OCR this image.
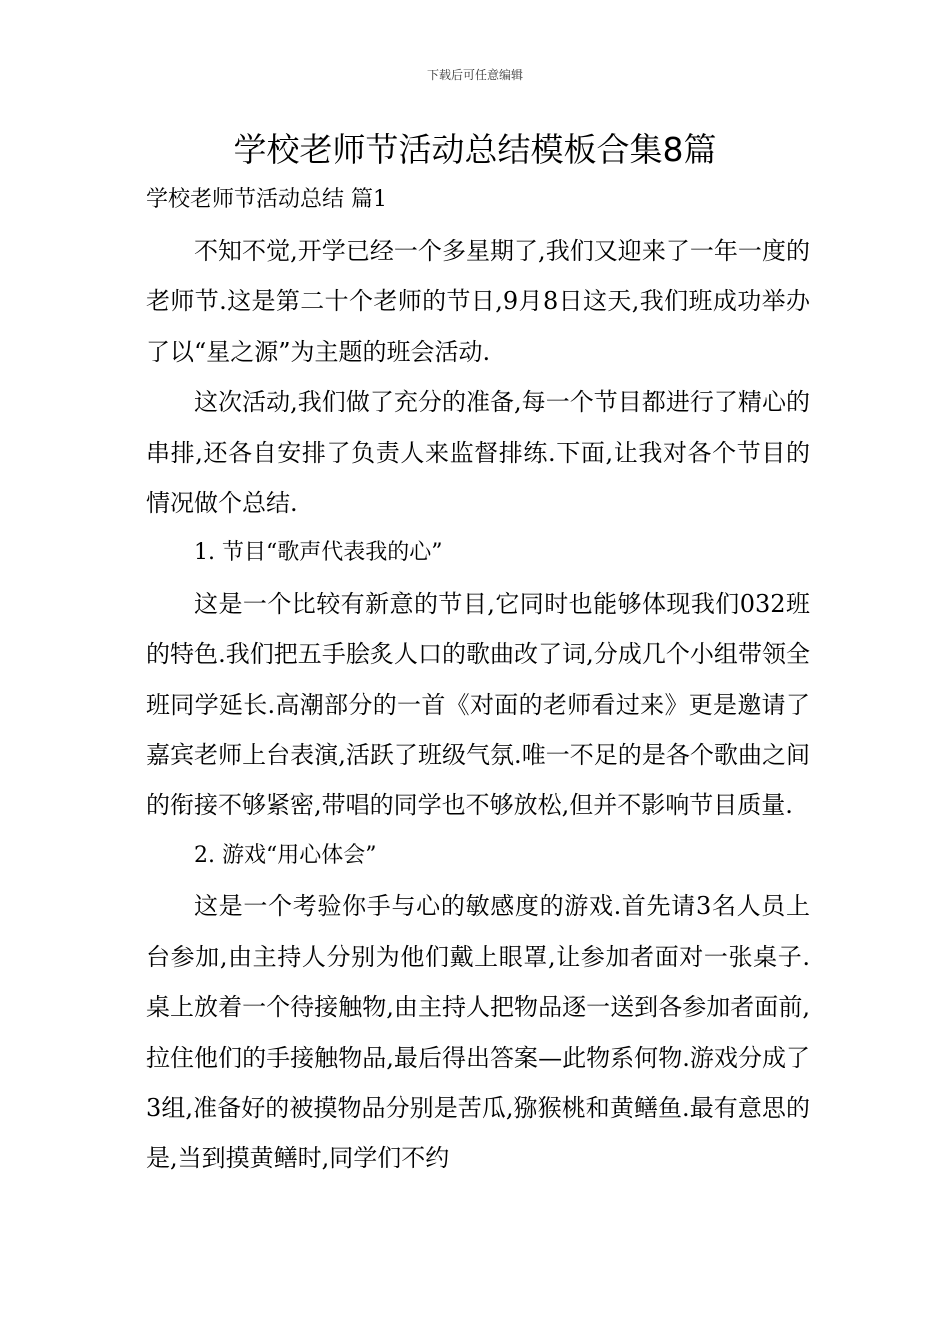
下载后可任意编辑
学校老师节活动总结模板合集8篇
学校老师节活动总结 篇1

不知不觉,开学已经一个多星期了,我们又迎来了一年一度的老师节.这是第二十个老师的节日,9月8日这天,我们班成功举办了以“星之源”为主题的班会活动.

这次活动,我们做了充分的准备,每一个节目都进行了精心的串排,还各自安排了负责人来监督排练.下面,让我对各个节目的情况做个总结.

1. 节目“歌声代表我的心”

这是一个比较有新意的节目,它同时也能够体现我们032班的特色.我们把五手脍炙人口的歌曲改了词,分成几个小组带领全班同学延长.高潮部分的一首《对面的老师看过来》更是邀请了嘉宾老师上台表演,活跃了班级气氛.唯一不足的是各个歌曲之间的衔接不够紧密,带唱的同学也不够放松,但并不影响节目质量.

2. 游戏“用心体会”

这是一个考验你手与心的敏感度的游戏.首先请3名人员上台参加,由主持人分别为他们戴上眼罩,让参加者面对一张桌子.桌上放着一个待接触物,由主持人把物品逐一送到各参加者面前,拉住他们的手接触物品,最后得出答案—此物系何物.游戏分成了3组,准备好的被摸物品分别是苦瓜,猕猴桃和黄鳝鱼.最有意思的是,当到摸黄鳝时,同学们不约
